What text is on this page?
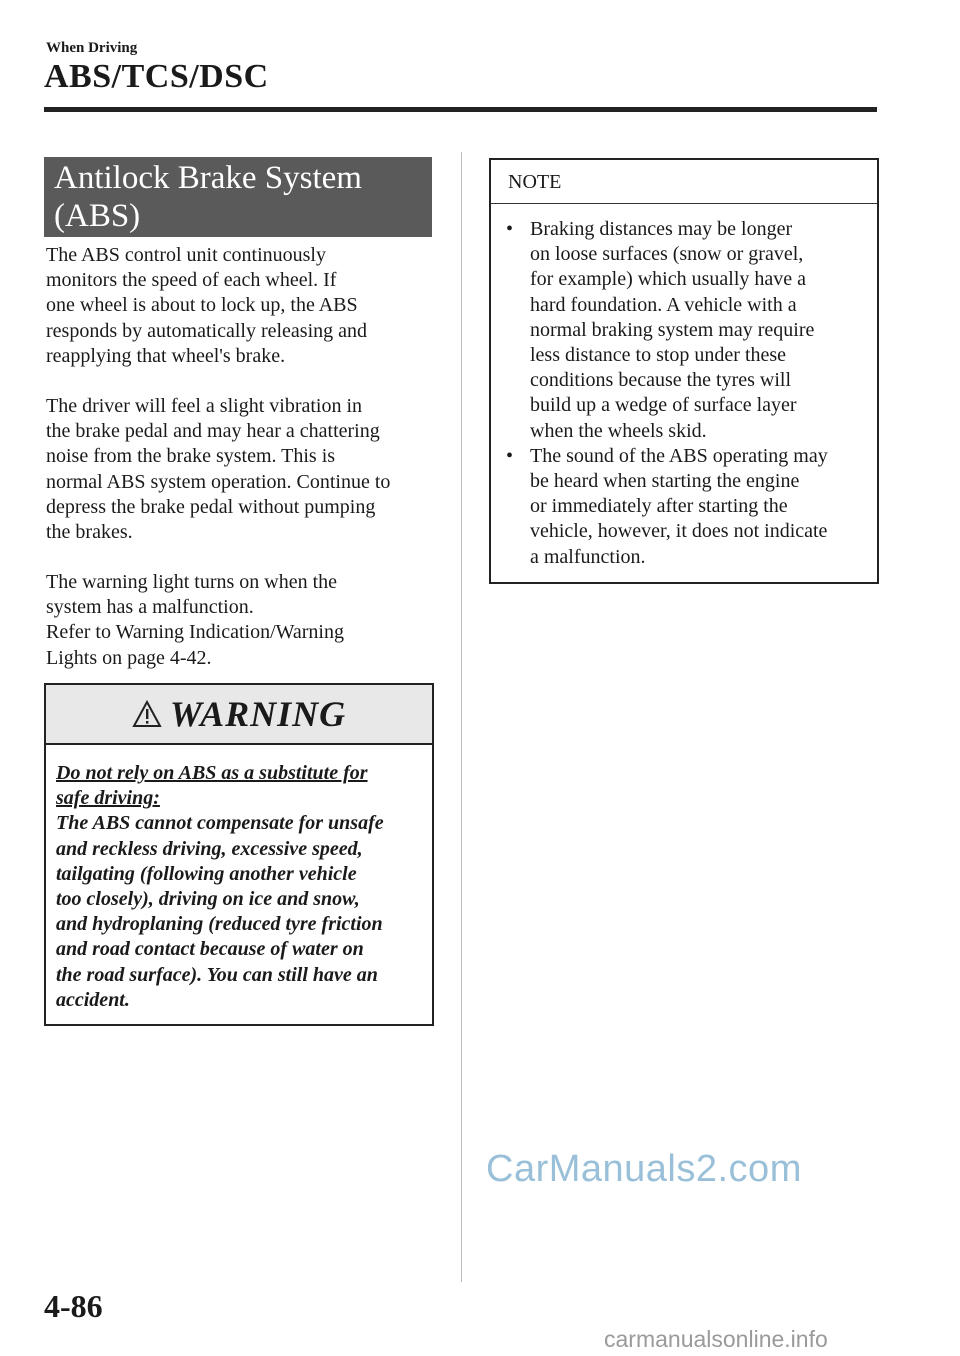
When Driving
ABS/TCS/DSC
Antilock Brake System
(ABS)

The ABS control unit continuously

monitors the speed of each wheel. If

one wheel is about to lock up, the ABS

responds by automatically releasing and

reapplying that wheel's brake.

The driver will feel a slight vibration in

the brake pedal and may hear a chattering

noise from the brake system. This is

normal ABS system operation. Continue to

depress the brake pedal without pumping

the brakes.

The warning light turns on when the

system has a malfunction.

Refer to Warning Indication/Warning

Lights on page 4-42.

WARNING
Do not rely on ABS as a substitute for
safe driving:
The ABS cannot compensate for unsafe
and reckless driving, excessive speed,
tailgating (following another vehicle
too closely), driving on ice and snow,
and hydroplaning (reduced tyre friction
and road contact because of water on
the road surface). You can still have an
accident.
NOTE
• Braking distances may be longer
on loose surfaces (snow or gravel,
for example) which usually have a
hard foundation. A vehicle with a
normal braking system may require
less distance to stop under these
conditions because the tyres will
build up a wedge of surface layer
when the wheels skid.
• The sound of the ABS operating may
be heard when starting the engine
or immediately after starting the
vehicle, however, it does not indicate
a malfunction.
CarManuals2.com
4-86
carmanualsonline.info
